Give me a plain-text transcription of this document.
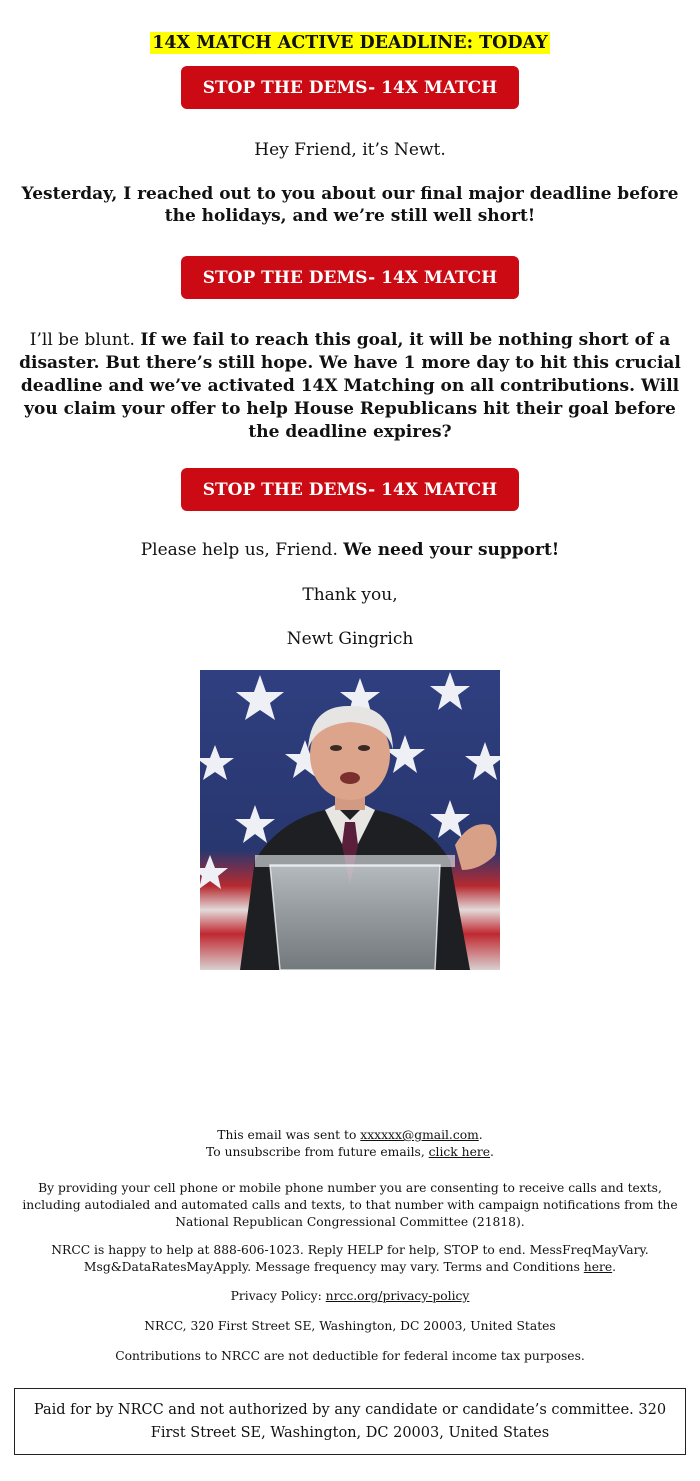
14X MATCH ACTIVE DEADLINE: TODAY
STOP THE DEMS- 14X MATCH
Hey Friend, it’s Newt.
Yesterday, I reached out to you about our final major deadline before the holidays, and we’re still well short!
STOP THE DEMS- 14X MATCH
I’ll be blunt. If we fail to reach this goal, it will be nothing short of a disaster. But there’s still hope. We have 1 more day to hit this crucial deadline and we’ve activated 14X Matching on all contributions. Will you claim your offer to help House Republicans hit their goal before the deadline expires?
STOP THE DEMS- 14X MATCH
Please help us, Friend. We need your support!
Thank you,
Newt Gingrich
This email was sent to xxxxxx@gmail.com.
To unsubscribe from future emails, click here.
By providing your cell phone or mobile phone number you are consenting to receive calls and texts, including autodialed and automated calls and texts, to that number with campaign notifications from the National Republican Congressional Committee (21818).
NRCC is happy to help at 888-606-1023. Reply HELP for help, STOP to end. MessFreqMayVary.
Msg&DataRatesMayApply. Message frequency may vary. Terms and Conditions here.
Privacy Policy: nrcc.org/privacy-policy
NRCC, 320 First Street SE, Washington, DC 20003, United States
Contributions to NRCC are not deductible for federal income tax purposes.
Paid for by NRCC and not authorized by any candidate or candidate’s committee. 320 First Street SE, Washington, DC 20003, United States
